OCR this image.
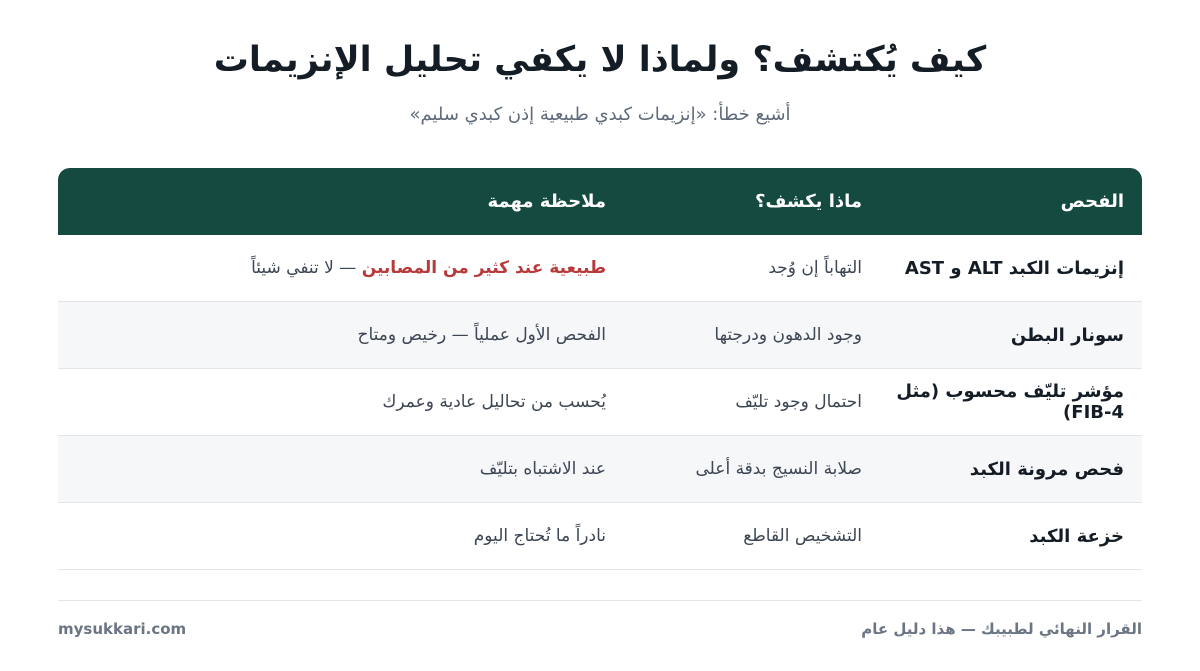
كيف يُكتشف؟ ولماذا لا يكفي تحليل الإنزيمات
أشيع خطأ: «إنزيمات كبدي طبيعية إذن كبدي سليم»
الفحص
ماذا يكشف؟
ملاحظة مهمة
إنزيمات الكبد ALT و AST
التهاباً إن وُجد
طبيعية عند كثير من المصابين — لا تنفي شيئاً
سونار البطن
وجود الدهون ودرجتها
الفحص الأول عملياً — رخيص ومتاح
مؤشر تليّف محسوب (مثل FIB-4)
احتمال وجود تليّف
يُحسب من تحاليل عادية وعمرك
فحص مرونة الكبد
صلابة النسيج بدقة أعلى
عند الاشتباه بتليّف
خزعة الكبد
التشخيص القاطع
نادراً ما تُحتاج اليوم
القرار النهائي لطبيبك — هذا دليل عام
mysukkari.com
